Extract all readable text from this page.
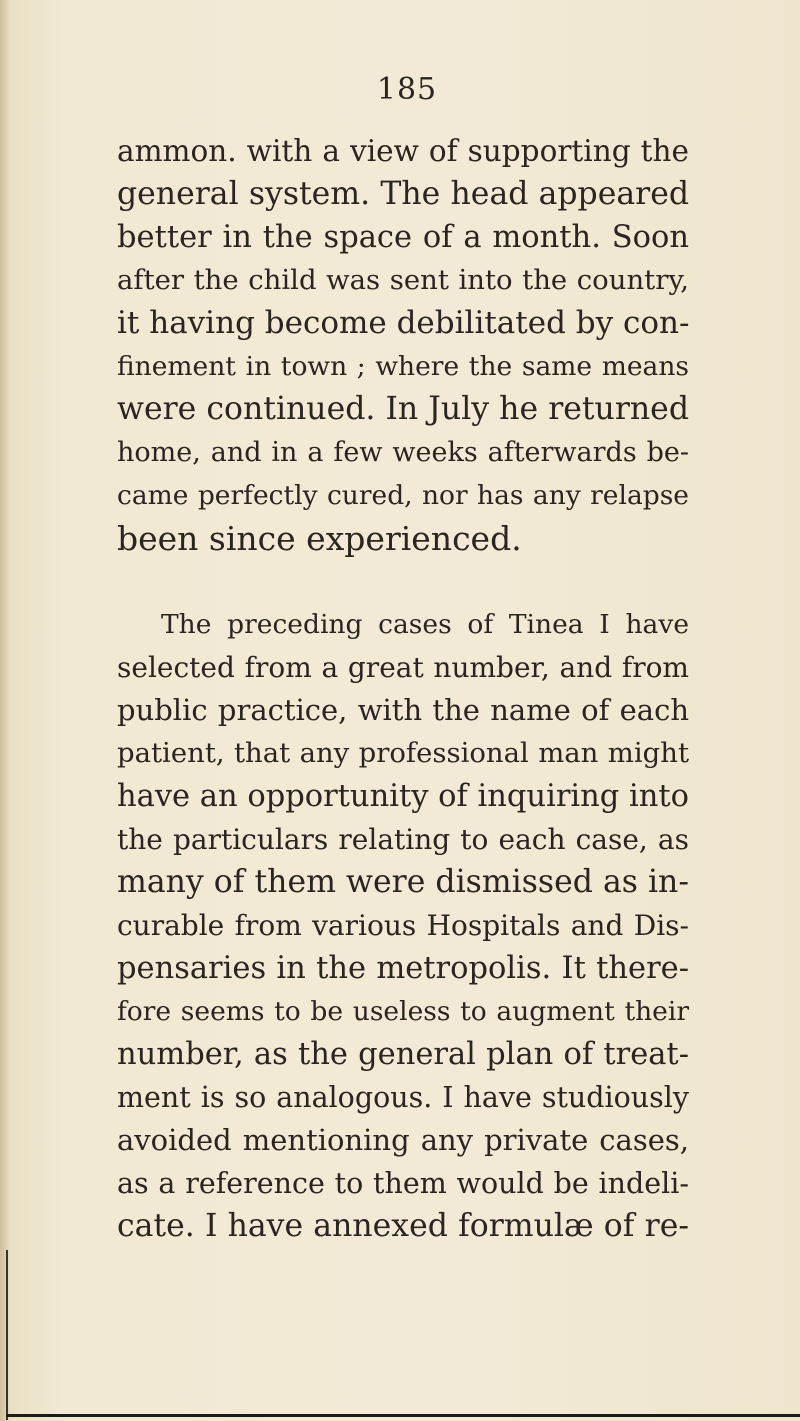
185
ammon. with a view of supporting the
general system. The head appeared
better in the space of a month. Soon
after the child was sent into the country,
it having become debilitated by con-
finement in town ; where the same means
were continued. In July he returned
home, and in a few weeks afterwards be-
came perfectly cured, nor has any relapse
been since experienced.
The preceding cases of Tinea I have
selected from a great number, and from
public practice, with the name of each
patient, that any professional man might
have an opportunity of inquiring into
the particulars relating to each case, as
many of them were dismissed as in-
curable from various Hospitals and Dis-
pensaries in the metropolis. It there-
fore seems to be useless to augment their
number, as the general plan of treat-
ment is so analogous. I have studiously
avoided mentioning any private cases,
as a reference to them would be indeli-
cate. I have annexed formulæ of re-
